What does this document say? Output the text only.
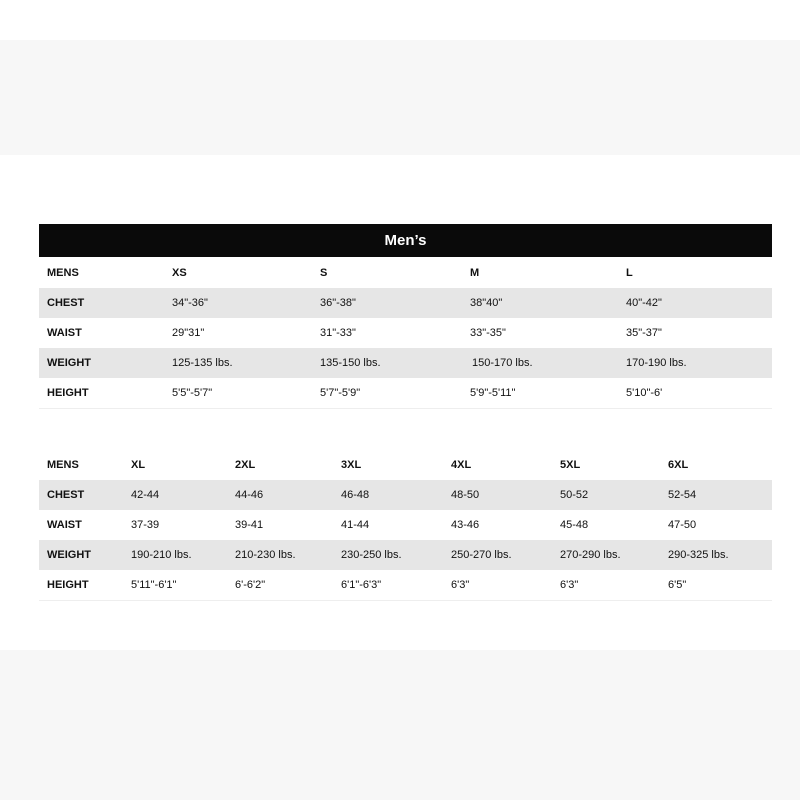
Men’s
MENS	XS	S	M	L
CHEST	34"-36"	36"-38"	38"40"	40"-42"
WAIST	29"31"	31"-33"	33"-35"	35"-37"
WEIGHT	125-135 lbs.	135-150 lbs.	150-170 lbs.	170-190 lbs.
HEIGHT	5'5"-5'7"	5'7"-5'9"	5'9"-5'11"	5'10"-6'
MENS	XL	2XL	3XL	4XL	5XL	6XL
CHEST	42-44	44-46	46-48	48-50	50-52	52-54
WAIST	37-39	39-41	41-44	43-46	45-48	47-50
WEIGHT	190-210 lbs.	210-230 lbs.	230-250 lbs.	250-270 lbs.	270-290 lbs.	290-325 lbs.
HEIGHT	5'11"-6'1"	6'-6'2"	6'1"-6'3"	6'3"	6'3"	6'5"
